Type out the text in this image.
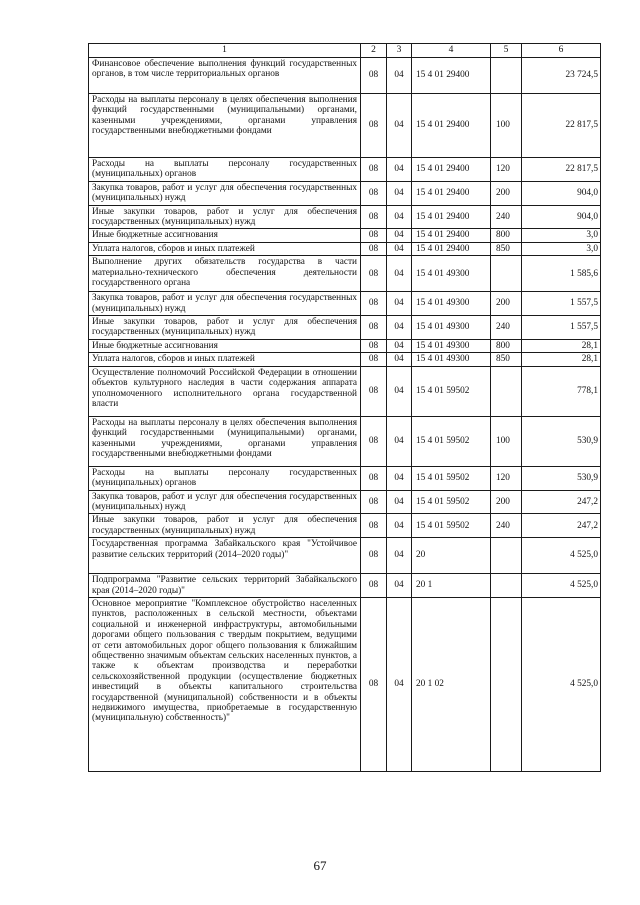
1	2	3	4	5	6
Финансовое обеспечение выполнения функций государственных органов, в том числе территориальных органов	08	04	15 4 01 29400		23 724,5
Расходы на выплаты персоналу в целях обеспечения выполнения функций государственными (муниципальными) органами, казенными учреждениями, органами управления государственными внебюджетными фондами	08	04	15 4 01 29400	100	22 817,5
Расходы на выплаты персоналу государственных (муниципальных) органов	08	04	15 4 01 29400	120	22 817,5
Закупка товаров, работ и услуг для обеспечения государственных (муниципальных) нужд	08	04	15 4 01 29400	200	904,0
Иные закупки товаров, работ и услуг для обеспечения государственных (муниципальных) нужд	08	04	15 4 01 29400	240	904,0
Иные бюджетные ассигнования	08	04	15 4 01 29400	800	3,0
Уплата налогов, сборов и иных платежей	08	04	15 4 01 29400	850	3,0
Выполнение других обязательств государства в части материально-технического обеспечения деятельности государственного органа	08	04	15 4 01 49300		1 585,6
Закупка товаров, работ и услуг для обеспечения государственных (муниципальных) нужд	08	04	15 4 01 49300	200	1 557,5
Иные закупки товаров, работ и услуг для обеспечения государственных (муниципальных) нужд	08	04	15 4 01 49300	240	1 557,5
Иные бюджетные ассигнования	08	04	15 4 01 49300	800	28,1
Уплата налогов, сборов и иных платежей	08	04	15 4 01 49300	850	28,1
Осуществление полномочий Российской Федерации в отношении объектов культурного наследия в части содержания аппарата уполномоченного исполнительного органа государственной власти	08	04	15 4 01 59502		778,1
Расходы на выплаты персоналу в целях обеспечения выполнения функций государственными (муниципальными) органами, казенными учреждениями, органами управления государственными внебюджетными фондами	08	04	15 4 01 59502	100	530,9
Расходы на выплаты персоналу государственных (муниципальных) органов	08	04	15 4 01 59502	120	530,9
Закупка товаров, работ и услуг для обеспечения государственных (муниципальных) нужд	08	04	15 4 01 59502	200	247,2
Иные закупки товаров, работ и услуг для обеспечения государственных (муниципальных) нужд	08	04	15 4 01 59502	240	247,2
Государственная программа Забайкальского края "Устойчивое развитие сельских территорий (2014–2020 годы)"	08	04	20		4 525,0
Подпрограмма "Развитие сельских территорий Забайкальского края (2014–2020 годы)"	08	04	20 1		4 525,0
Основное мероприятие "Комплексное обустройство населенных пунктов, расположенных в сельской местности, объектами социальной и инженерной инфраструктуры, автомобильными дорогами общего пользования с твердым покрытием, ведущими от сети автомобильных дорог общего пользования к ближайшим общественно значимым объектам сельских населенных пунктов, а также к объектам производства и переработки сельскохозяйственной продукции (осуществление бюджетных инвестиций в объекты капитального строительства государственной (муниципальной) собственности и в объекты недвижимого имущества, приобретаемые в государственную (муниципальную) собственность)"	08	04	20 1 02		4 525,0
67
